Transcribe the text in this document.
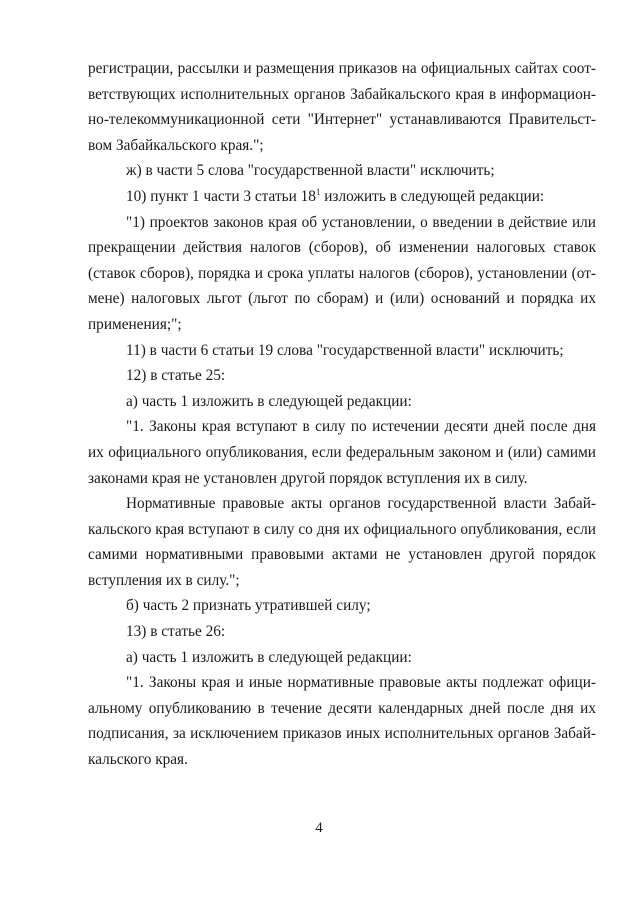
регистрации, рассылки и размещения приказов на официальных сайтах соот-
ветствующих исполнительных органов Забайкальского края в информацион-
но-телекоммуникационной сети "Интернет" устанавливаются Правительст-
вом Забайкальского края.";
ж) в части 5 слова "государственной власти" исключить;
10) пункт 1 части 3 статьи $18^1$ изложить в следующей редакции:
"1) проектов законов края об установлении, о введении в действие или
прекращении действия налогов (сборов), об изменении налоговых ставок
(ставок сборов), порядка и срока уплаты налогов (сборов), установлении (от-
мене) налоговых льгот (льгот по сборам) и (или) оснований и порядка их
применения;";
11) в части 6 статьи 19 слова "государственной власти" исключить;
12) в статье 25:
а) часть 1 изложить в следующей редакции:
"1. Законы края вступают в силу по истечении десяти дней после дня
их официального опубликования, если федеральным законом и (или) самими
законами края не установлен другой порядок вступления их в силу.
Нормативные правовые акты органов государственной власти Забай-
кальского края вступают в силу со дня их официального опубликования, если
самими нормативными правовыми актами не установлен другой порядок
вступления их в силу.";
б) часть 2 признать утратившей силу;
13) в статье 26:
а) часть 1 изложить в следующей редакции:
"1. Законы края и иные нормативные правовые акты подлежат офици-
альному опубликованию в течение десяти календарных дней после дня их
подписания, за исключением приказов иных исполнительных органов Забай-
кальского края.
4
